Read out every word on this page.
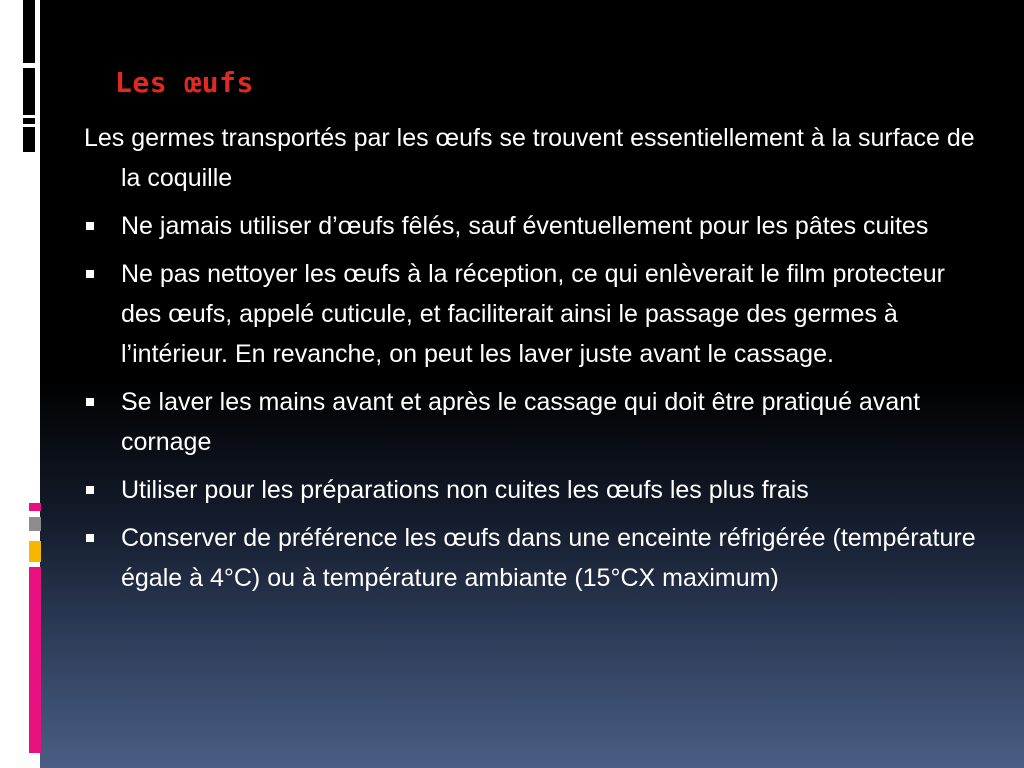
Les œufs

Les germes transportés par les œufs se trouvent essentiellement à la surface de la coquille

Ne jamais utiliser d’œufs fêlés, sauf éventuellement pour les pâtes cuites
Ne pas nettoyer les œufs à la réception, ce qui enlèverait le film protecteur des œufs, appelé cuticule, et faciliterait ainsi le passage des germes à l’intérieur. En revanche, on peut les laver juste avant le cassage.
Se laver les mains avant et après le cassage qui doit être pratiqué avant cornage
Utiliser pour les préparations non cuites les œufs les plus frais
Conserver de préférence les œufs dans une enceinte réfrigérée (température égale à 4°C) ou à température ambiante (15°CX maximum)
